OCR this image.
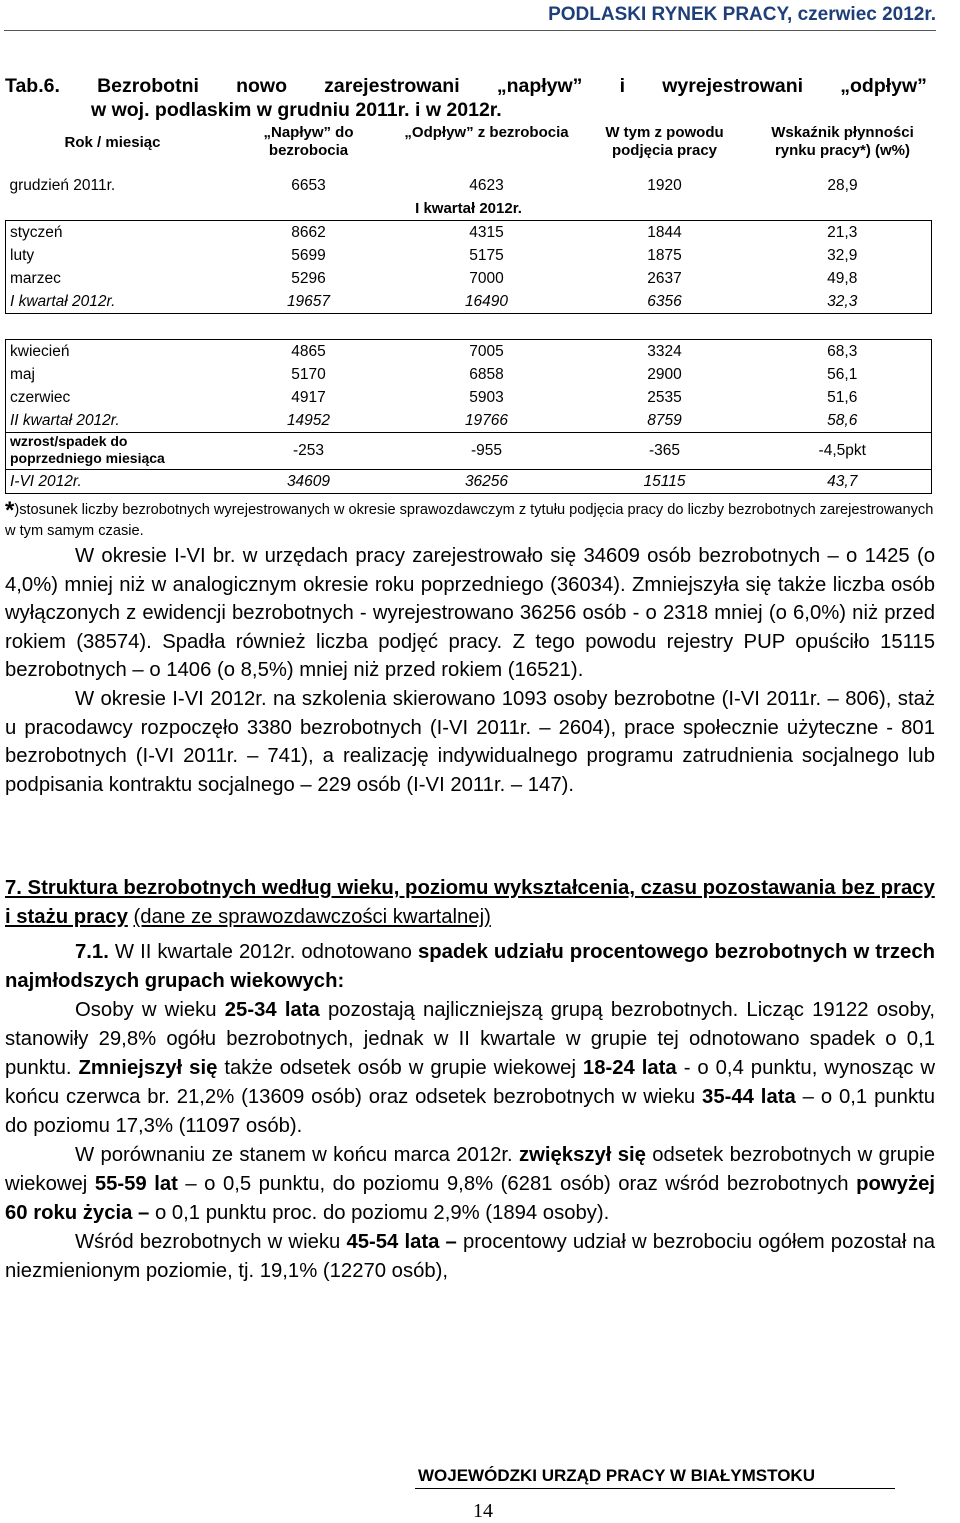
PODLASKI RYNEK PRACY, czerwiec 2012r.
Tab.6. Bezrobotni nowo zarejestrowani „napływ” i wyrejestrowani „odpływ”
w woj. podlaskim w grudniu 2011r. i w 2012r.
Rok / miesiąc	„Napływ” do bezrobocia	„Odpływ” z bezrobocia	W tym z powodu podjęcia pracy	Wskaźnik płynności rynku pracy*) (w%)
grudzień 2011r.	6653	4623	1920	28,9
I kwartał 2012r.				
styczeń	8662	4315	1844	21,3
luty	5699	5175	1875	32,9
marzec	5296	7000	2637	49,8
I kwartał 2012r.	19657	16490	6356	32,3

kwiecień	4865	7005	3324	68,3
maj	5170	6858	2900	56,1
czerwiec	4917	5903	2535	51,6
II kwartał 2012r.	14952	19766	8759	58,6
wzrost/spadek do poprzedniego miesiąca	-253	-955	-365	-4,5pkt
I-VI 2012r.	34609	36256	15115	43,7
*)stosunek liczby bezrobotnych wyrejestrowanych w okresie sprawozdawczym z tytułu podjęcia pracy do liczby bezrobotnych zarejestrowanych w tym samym czasie.

W okresie I-VI br. w urzędach pracy zarejestrowało się 34609 osób bezrobotnych – o 1425 (o 4,0%) mniej niż w analogicznym okresie roku poprzedniego (36034). Zmniejszyła się także liczba osób wyłączonych z ewidencji bezrobotnych - wyrejestrowano 36256 osób - o 2318 mniej (o 6,0%) niż przed rokiem (38574). Spadła również liczba podjęć pracy. Z tego powodu rejestry PUP opuściło 15115 bezrobotnych – o 1406 (o 8,5%) mniej niż przed rokiem (16521).

W okresie I-VI 2012r. na szkolenia skierowano 1093 osoby bezrobotne (I-VI 2011r. – 806), staż u pracodawcy rozpoczęło 3380 bezrobotnych (I-VI 2011r. – 2604), prace społecznie użyteczne - 801 bezrobotnych (I-VI 2011r. – 741), a realizację indywidualnego programu zatrudnienia socjalnego lub podpisania kontraktu socjalnego – 229 osób (I-VI 2011r. – 147).

7. Struktura bezrobotnych według wieku, poziomu wykształcenia, czasu pozostawania bez pracy i stażu pracy (dane ze sprawozdawczości kwartalnej)

7.1. W II kwartale 2012r. odnotowano spadek udziału procentowego bezrobotnych w trzech najmłodszych grupach wiekowych:

Osoby w wieku 25-34 lata pozostają najliczniejszą grupą bezrobotnych. Licząc 19122 osoby, stanowiły 29,8% ogółu bezrobotnych, jednak w II kwartale w grupie tej odnotowano spadek o 0,1 punktu. Zmniejszył się także odsetek osób w grupie wiekowej 18-24 lata - o 0,4 punktu, wynosząc w końcu czerwca br. 21,2% (13609 osób) oraz odsetek bezrobotnych w wieku 35-44 lata – o 0,1 punktu do poziomu 17,3% (11097 osób).

W porównaniu ze stanem w końcu marca 2012r. zwiększył się odsetek bezrobotnych w grupie wiekowej 55-59 lat – o 0,5 punktu, do poziomu 9,8% (6281 osób) oraz wśród bezrobotnych powyżej 60 roku życia – o 0,1 punktu proc. do poziomu 2,9% (1894 osoby).

Wśród bezrobotnych w wieku 45-54 lata – procentowy udział w bezrobociu ogółem pozostał na niezmienionym poziomie, tj. 19,1% (12270 osób),

WOJEWÓDZKI URZĄD PRACY W BIAŁYMSTOKU
14
